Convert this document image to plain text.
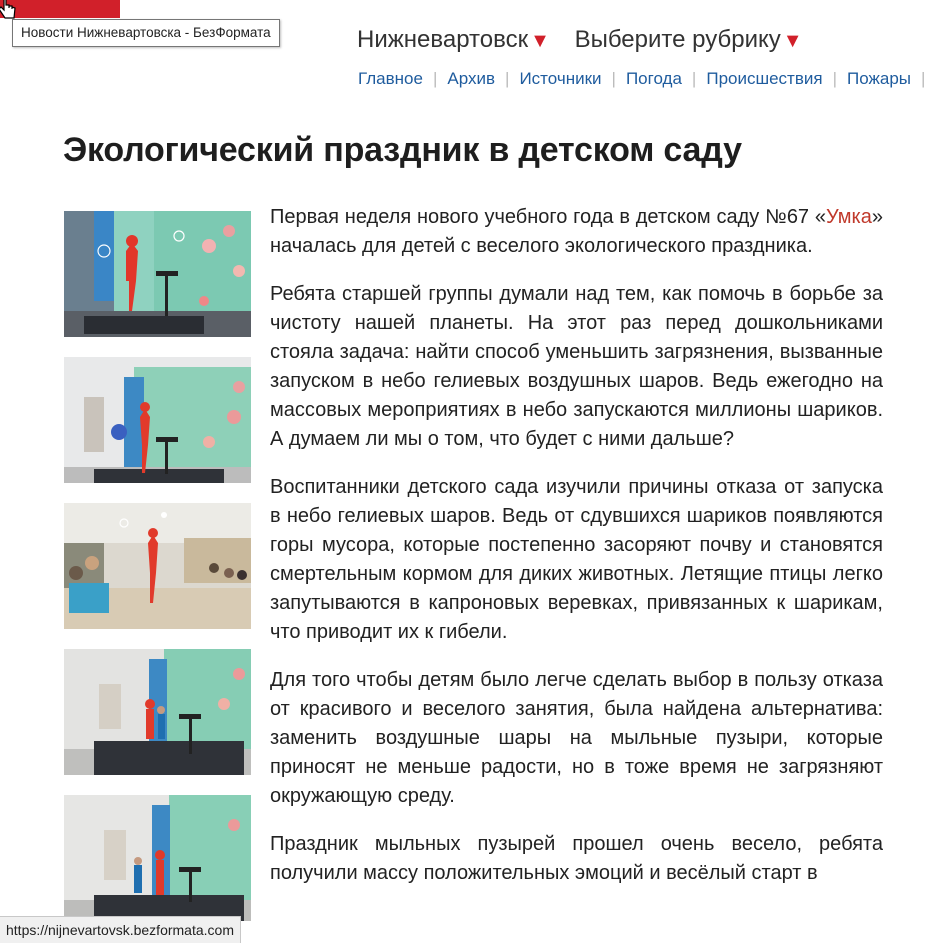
Новости Нижневартовска - БезФормата	Нижневартовск ▼ Выберите рубрику ▼
Главное | Архив | Источники | Погода | Происшествия | Пожары |
Экологический праздник в детском саду

Первая неделя нового учебного года в детском саду №67 «Умка» началась для детей с веселого экологического праздника.

Ребята старшей группы думали над тем, как помочь в борьбе за чистоту нашей планеты. На этот раз перед дошкольниками стояла задача: найти способ уменьшить загрязнения, вызванные запуском в небо гелиевых воздушных шаров. Ведь ежегодно на массовых мероприятиях в небо запускаются миллионы шариков. А думаем ли мы о том, что будет с ними дальше?

Воспитанники детского сада изучили причины отказа от запуска в небо гелиевых шаров. Ведь от сдувшихся шариков появляются горы мусора, которые постепенно засоряют почву и становятся смертельным кормом для диких животных. Летящие птицы легко запутываются в капроновых веревках, привязанных к шарикам, что приводит их к гибели.

Для того чтобы детям было легче сделать выбор в пользу отказа от красивого и веселого занятия, была найдена альтернатива: заменить воздушные шары на мыльные пузыри, которые приносят не меньше радости, но в тоже время не загрязняют окружающую среду.

Праздник мыльных пузырей прошел очень весело, ребята получили массу положительных эмоций и весёлый старт в

https://nijnevartovsk.bezformata.com
